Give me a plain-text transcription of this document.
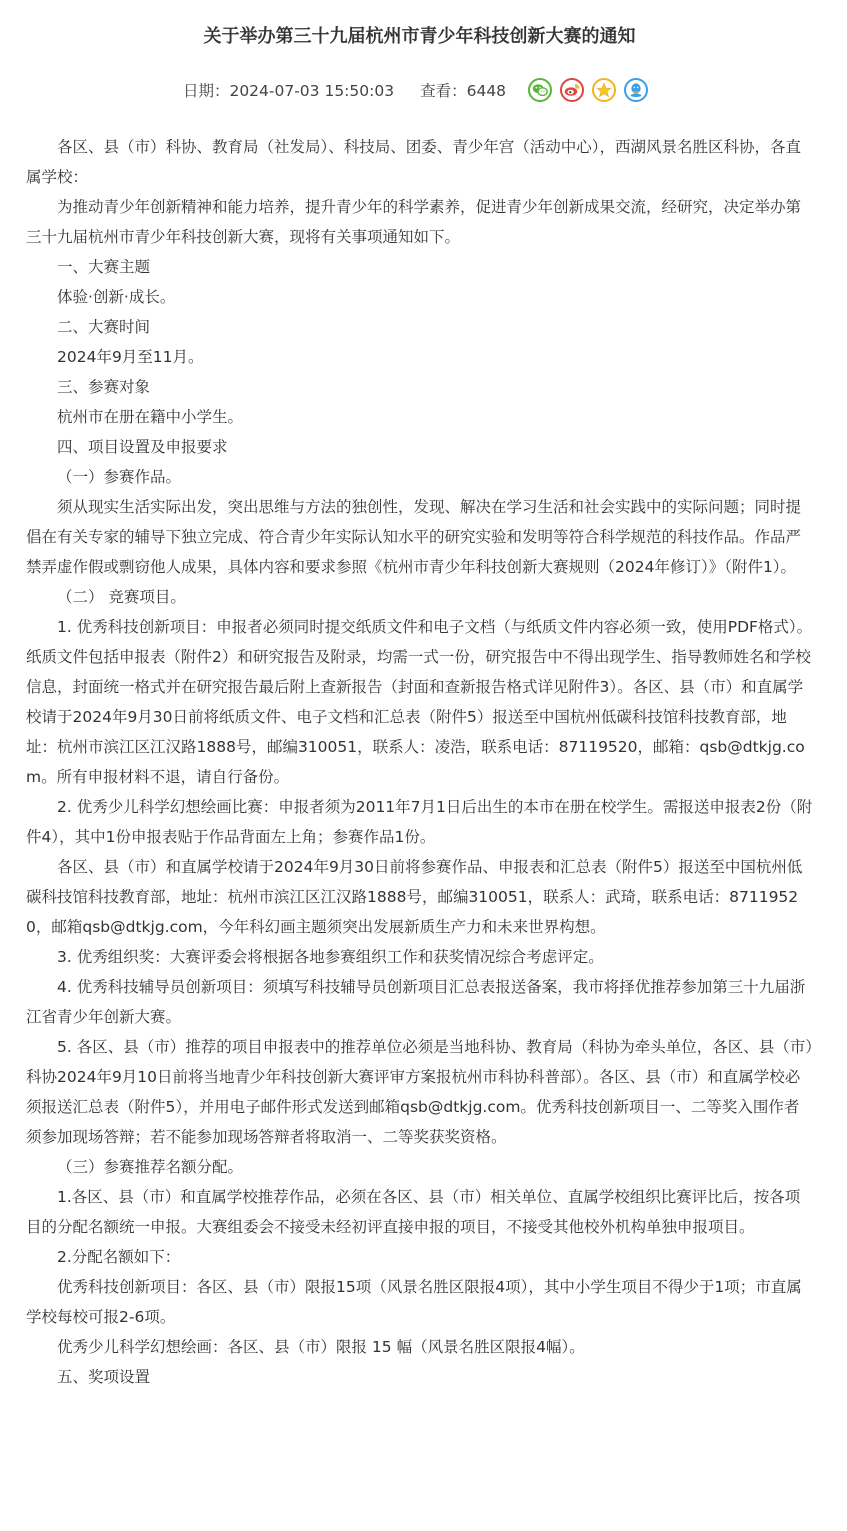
关于举办第三十九届杭州市青少年科技创新大赛的通知
日期：2024-07-03 15:50:03 查看：6448

各区、县（市）科协、教育局（社发局）、科技局、团委、青少年宫（活动中心），西湖风景名胜区科协，各直属学校：

为推动青少年创新精神和能力培养，提升青少年的科学素养，促进青少年创新成果交流，经研究，决定举办第三十九届杭州市青少年科技创新大赛，现将有关事项通知如下。

一、大赛主题

体验·创新·成长。

二、大赛时间

2024年9月至11月。

三、参赛对象

杭州市在册在籍中小学生。

四、项目设置及申报要求

（一）参赛作品。

须从现实生活实际出发，突出思维与方法的独创性，发现、解决在学习生活和社会实践中的实际问题；同时提倡在有关专家的辅导下独立完成、符合青少年实际认知水平的研究实验和发明等符合科学规范的科技作品。作品严禁弄虚作假或剽窃他人成果，具体内容和要求参照《杭州市青少年科技创新大赛规则（2024年修订）》（附件1）。

（二） 竞赛项目。

1. 优秀科技创新项目：申报者必须同时提交纸质文件和电子文档（与纸质文件内容必须一致，使用PDF格式）。纸质文件包括申报表（附件2）和研究报告及附录，均需一式一份，研究报告中不得出现学生、指导教师姓名和学校信息，封面统一格式并在研究报告最后附上查新报告（封面和查新报告格式详见附件3）。各区、县（市）和直属学校请于2024年9月30日前将纸质文件、电子文档和汇总表（附件5）报送至中国杭州低碳科技馆科技教育部，地址：杭州市滨江区江汉路1888号，邮编310051，联系人：凌浩，联系电话：87119520，邮箱：qsb@dtkjg.com。所有申报材料不退，请自行备份。

2. 优秀少儿科学幻想绘画比赛：申报者须为2011年7月1日后出生的本市在册在校学生。需报送申报表2份（附件4），其中1份申报表贴于作品背面左上角；参赛作品1份。

各区、县（市）和直属学校请于2024年9月30日前将参赛作品、申报表和汇总表（附件5）报送至中国杭州低碳科技馆科技教育部，地址：杭州市滨江区江汉路1888号，邮编310051，联系人：武琦，联系电话：87119520，邮箱qsb@dtkjg.com，今年科幻画主题须突出发展新质生产力和未来世界构想。

3. 优秀组织奖：大赛评委会将根据各地参赛组织工作和获奖情况综合考虑评定。

4. 优秀科技辅导员创新项目：须填写科技辅导员创新项目汇总表报送备案，我市将择优推荐参加第三十九届浙江省青少年创新大赛。

5. 各区、县（市）推荐的项目申报表中的推荐单位必须是当地科协、教育局（科协为牵头单位，各区、县（市）科协2024年9月10日前将当地青少年科技创新大赛评审方案报杭州市科协科普部）。各区、县（市）和直属学校必须报送汇总表（附件5），并用电子邮件形式发送到邮箱qsb@dtkjg.com。优秀科技创新项目一、二等奖入围作者须参加现场答辩；若不能参加现场答辩者将取消一、二等奖获奖资格。

（三）参赛推荐名额分配。

1.各区、县（市）和直属学校推荐作品，必须在各区、县（市）相关单位、直属学校组织比赛评比后，按各项目的分配名额统一申报。大赛组委会不接受未经初评直接申报的项目，不接受其他校外机构单独申报项目。

2.分配名额如下：

优秀科技创新项目：各区、县（市）限报15项（风景名胜区限报4项），其中小学生项目不得少于1项；市直属学校每校可报2-6项。

优秀少儿科学幻想绘画：各区、县（市）限报 15 幅（风景名胜区限报4幅）。

五、奖项设置
